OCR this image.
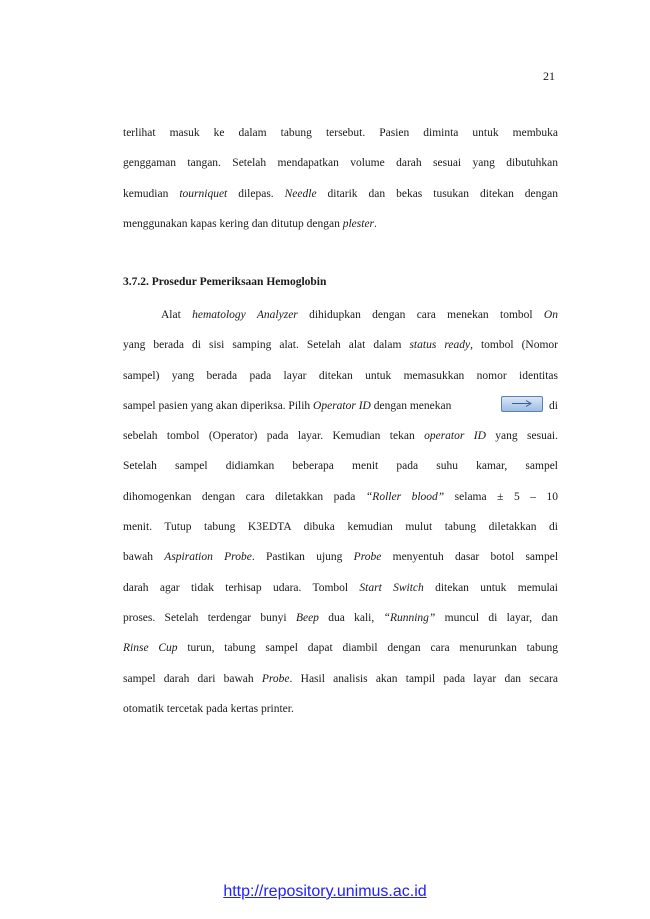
21
terlihat masuk ke dalam tabung tersebut. Pasien diminta untuk membuka
genggaman tangan. Setelah mendapatkan volume darah sesuai yang dibutuhkan
kemudian tourniquet dilepas. Needle ditarik dan bekas tusukan ditekan dengan
menggunakan kapas kering dan ditutup dengan plester.
3.7.2. Prosedur Pemeriksaan Hemoglobin
Alat hematology Analyzer dihidupkan dengan cara menekan tombol On
yang berada di sisi samping alat. Setelah alat dalam status ready, tombol (Nomor
sampel) yang berada pada layar ditekan untuk memasukkan nomor identitas
sampel pasien yang akan diperiksa. Pilih Operator ID dengan menekan	di
sebelah tombol (Operator) pada layar. Kemudian tekan operator ID yang sesuai.
Setelah sampel didiamkan beberapa menit pada suhu kamar, sampel
dihomogenkan dengan cara diletakkan pada “Roller blood” selama ± 5 – 10
menit. Tutup tabung K3EDTA dibuka kemudian mulut tabung diletakkan di
bawah Aspiration Probe. Pastikan ujung Probe menyentuh dasar botol sampel
darah agar tidak terhisap udara. Tombol Start Switch ditekan untuk memulai
proses. Setelah terdengar bunyi Beep dua kali, “Running” muncul di layar, dan
Rinse Cup turun, tabung sampel dapat diambil dengan cara menurunkan tabung
sampel darah dari bawah Probe. Hasil analisis akan tampil pada layar dan secara
otomatik tercetak pada kertas printer.
http://repository.unimus.ac.id
